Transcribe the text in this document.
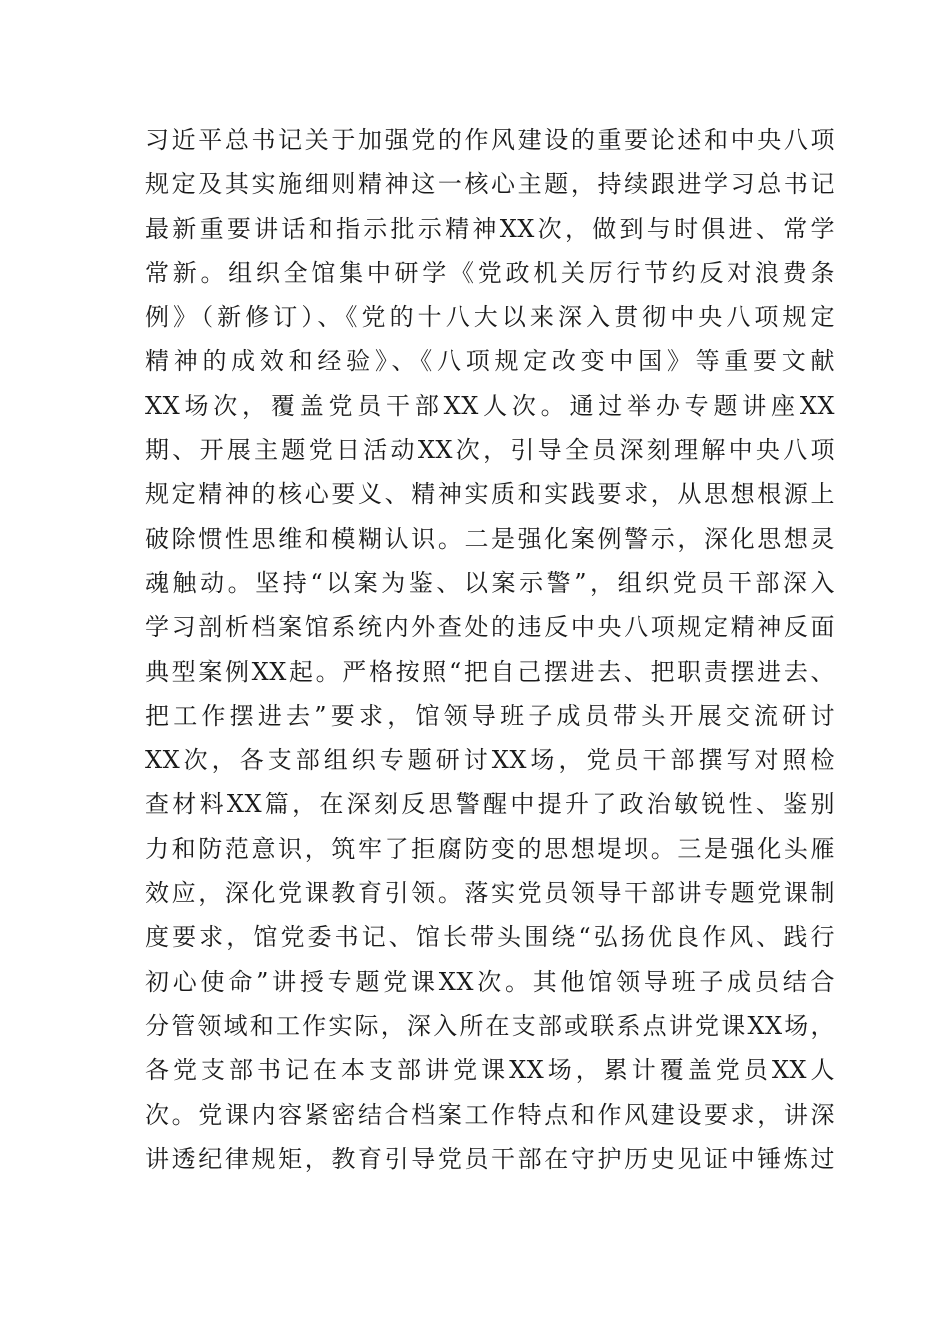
习近平总书记关于加强党的作风建设的重要论述和中央八项
规定及其实施细则精神这一核心主题，持续跟进学习总书记
最新重要讲话和指示批示精神XX次，做到与时俱进、常学
常新。组织全馆集中研学《党政机关厉行节约反对浪费条
例》（新修订）、《党的十八大以来深入贯彻中央八项规定
精神的成效和经验》、《八项规定改变中国》等重要文献
XX场次，覆盖党员干部XX人次。通过举办专题讲座XX
期、开展主题党日活动XX次，引导全员深刻理解中央八项
规定精神的核心要义、精神实质和实践要求，从思想根源上
破除惯性思维和模糊认识。二是强化案例警示，深化思想灵
魂触动。坚持“以案为鉴、以案示警”，组织党员干部深入
学习剖析档案馆系统内外查处的违反中央八项规定精神反面
典型案例XX起。严格按照“把自己摆进去、把职责摆进去、
把工作摆进去”要求，馆领导班子成员带头开展交流研讨
XX次，各支部组织专题研讨XX场，党员干部撰写对照检
查材料XX篇，在深刻反思警醒中提升了政治敏锐性、鉴别
力和防范意识，筑牢了拒腐防变的思想堤坝。三是强化头雁
效应，深化党课教育引领。落实党员领导干部讲专题党课制
度要求，馆党委书记、馆长带头围绕“弘扬优良作风、践行
初心使命”讲授专题党课XX次。其他馆领导班子成员结合
分管领域和工作实际，深入所在支部或联系点讲党课XX场，
各党支部书记在本支部讲党课XX场，累计覆盖党员XX人
次。党课内容紧密结合档案工作特点和作风建设要求，讲深
讲透纪律规矩，教育引导党员干部在守护历史见证中锤炼过
